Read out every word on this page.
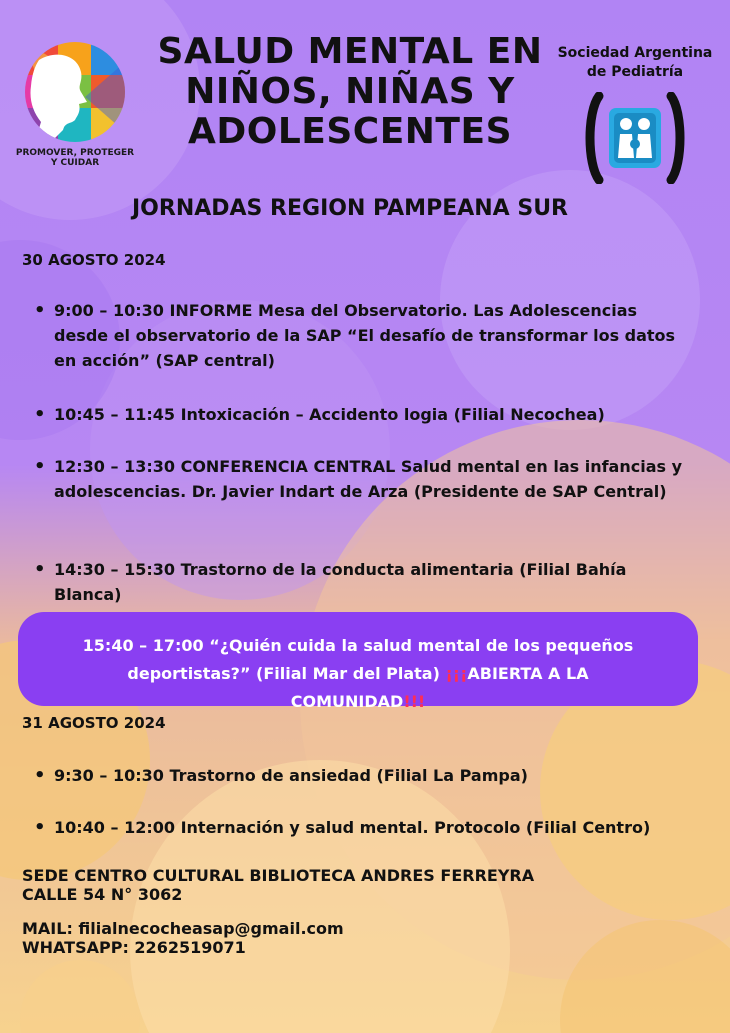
PROMOVER, PROTEGER
Y CUIDAR
SALUD MENTAL EN
NIÑOS, NIÑAS Y
ADOLESCENTES
Sociedad Argentina
de Pediatría
JORNADAS REGION PAMPEANA SUR
30 AGOSTO 2024
• 9:00 – 10:30 INFORME Mesa del Observatorio. Las Adolescencias desde el observatorio de la SAP “El desafío de transformar los datos en acción” (SAP central)
• 10:45 – 11:45 Intoxicación – Accidento logia (Filial Necochea)
• 12:30 – 13:30 CONFERENCIA CENTRAL Salud mental en las infancias y adolescencias. Dr. Javier Indart de Arza (Presidente de SAP Central)
• 14:30 – 15:30 Trastorno de la conducta alimentaria (Filial Bahía Blanca)
15:40 – 17:00 “¿Quién cuida la salud mental de los pequeños
deportistas?” (Filial Mar del Plata) ¡¡¡ABIERTA A LA COMUNIDAD!!!
31 AGOSTO 2024
• 9:30 – 10:30 Trastorno de ansiedad (Filial La Pampa)
• 10:40 – 12:00 Internación y salud mental. Protocolo (Filial Centro)
SEDE CENTRO CULTURAL BIBLIOTECA ANDRES FERREYRA
CALLE 54 N° 3062
MAIL: filialnecocheasap@gmail.com
WHATSAPP: 2262519071
